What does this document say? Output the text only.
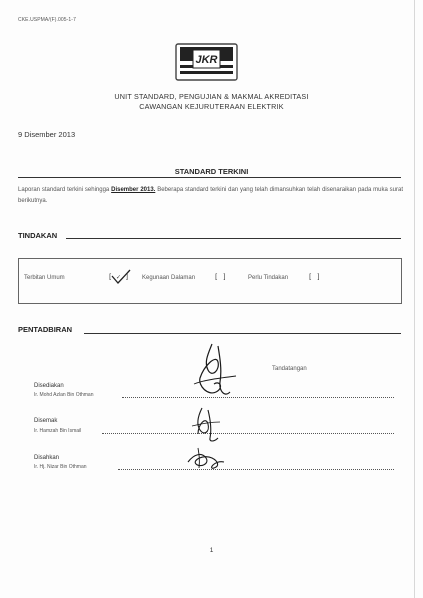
CKE.USPMA/(F).005-1-7
JKR
UNIT STANDARD, PENGUJIAN & MAKMAL AKREDITASI
CAWANGAN KEJURUTERAAN ELEKTRIK
9 Disember 2013
STANDARD TERKINI
Laporan standard terkini sehingga Disember 2013. Beberapa standard terkini dan yang telah dimansuhkan telah disenaraikan pada muka surat berikutnya.
TINDAKAN
Terbitan Umum	[ ✓ ] Kegunaan Dalaman	[ ]	Perlu Tindakan	[ ]
PENTADBIRAN
Tandatangan
Disediakan
Ir. Mohd Azlan Bin Othman
Disemak
Ir. Hamzah Bin Ismail
Disahkan
Ir. Hj. Nizar Bin Othman
1
